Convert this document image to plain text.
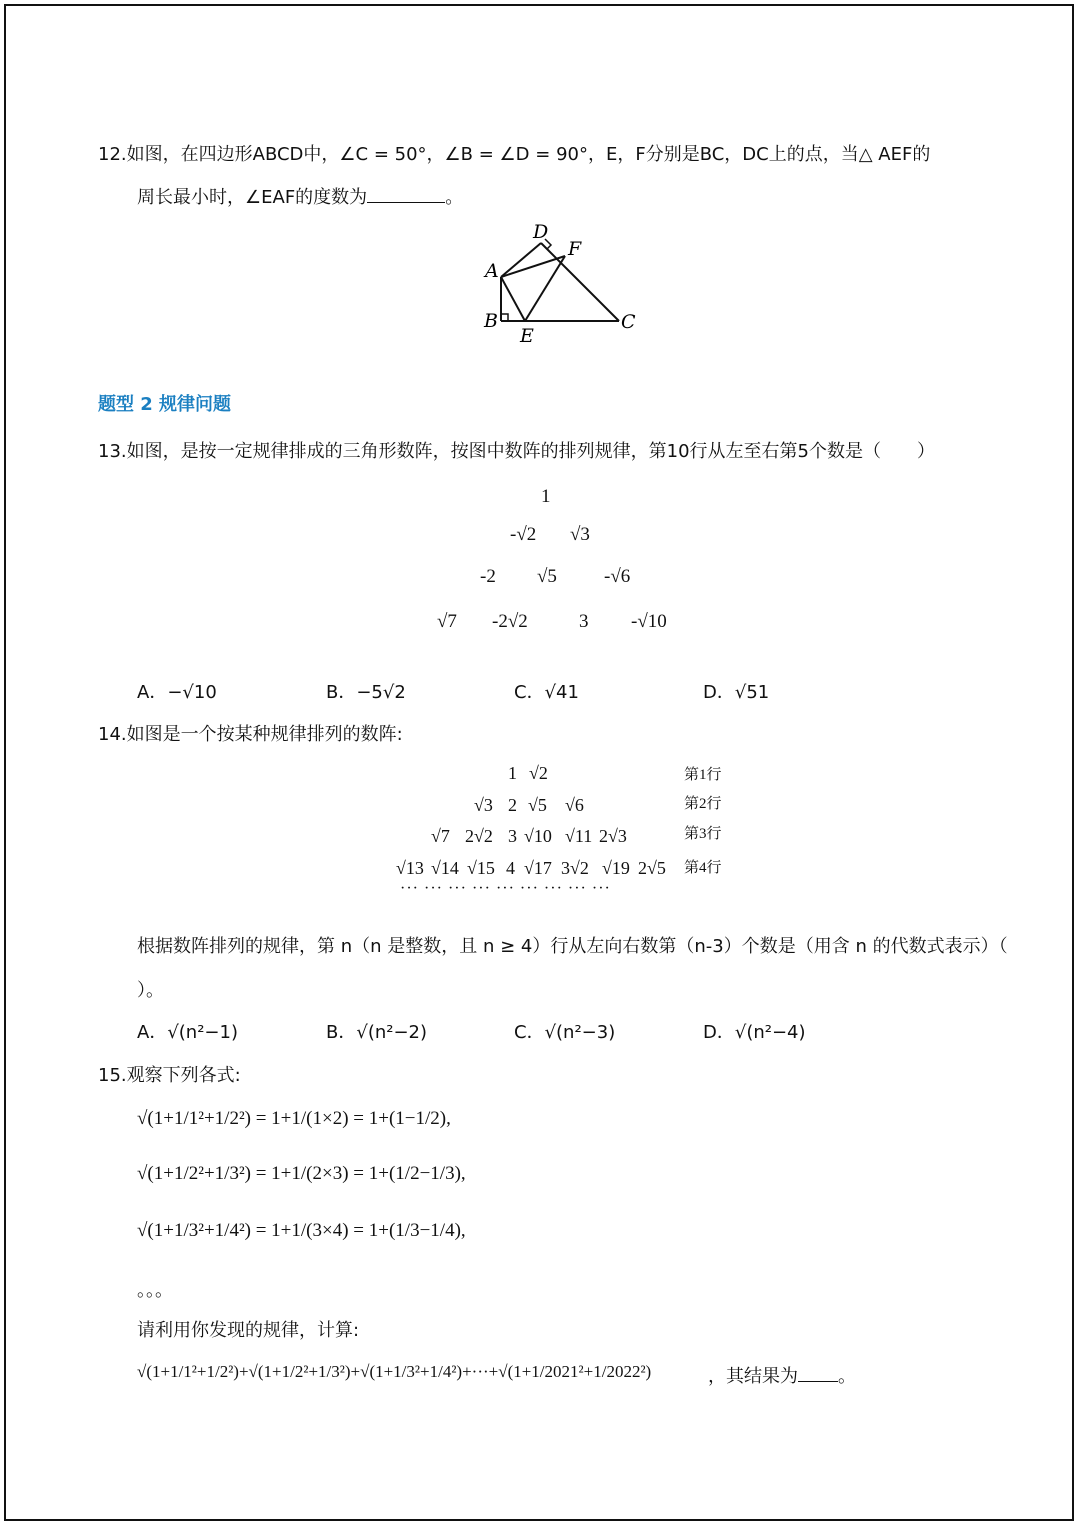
12.如图，在四边形ABCD中，∠C = 50°，∠B = ∠D = 90°，E，F分别是BC，DC上的点，当△ AEF的
周长最小时，∠EAF的度数为	。
D
F
A
B
E
C
题型 2 规律问题
13.如图，是按一定规律排成的三角形数阵，按图中数阵的排列规律，第10行从左至右第5个数是（　　）
1
-√2 √3
-2 √5 -√6
√7 -2√2	3 -√10
A．−√10	B．−5√2	C．√41	D．√51
14.如图是一个按某种规律排列的数阵:
1 √2
√3 2 √5 √6
√7 2√2 3 √10 √11 2√3
√13 √14 √15 4 √17 3√2 √19 2√5
第1行
第2行
第3行
第4行
··· ··· ··· ··· ··· ··· ··· ··· ···
根据数阵排列的规律，第 n（n 是整数，且 n ≥ 4）行从左向右数第（n-3）个数是（用含 n 的代数式表示）（
）。
A．√(n²−1)	B．√(n²−2)	C．√(n²−3)	D．√(n²−4)
15.观察下列各式:
√(1+1/1²+1/2²) = 1+1/(1×2) = 1+(1−1/2),
√(1+1/2²+1/3²) = 1+1/(2×3) = 1+(1/2−1/3),
√(1+1/3²+1/4²) = 1+1/(3×4) = 1+(1/3−1/4),
。。。
请利用你发现的规律，计算:
√(1+1/1²+1/2²)+√(1+1/2²+1/3²)+√(1+1/3²+1/4²)+···+√(1+1/2021²+1/2022²)	，其结果为 。
